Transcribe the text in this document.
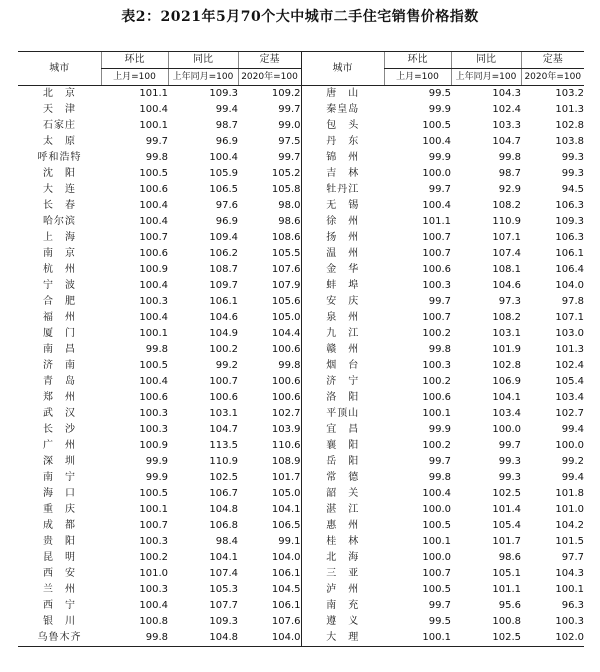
表2：2021年5月70个大中城市二手住宅销售价格指数
城市	环比	同比	定基	城市	环比	同比	定基
	上月=100	上年同月=100	2020年=100		上月=100	上年同月=100	2020年=100
北　京	101.1	109.3	109.2	唐　山	99.5	104.3	103.2
天　津	100.4	99.4	99.7	秦皇岛	99.9	102.4	101.3
石家庄	100.1	98.7	99.0	包　头	100.5	103.3	102.8
太　原	99.7	96.9	97.5	丹　东	100.4	104.7	103.8
呼和浩特	99.8	100.4	99.7	锦　州	99.9	99.8	99.3
沈　阳	100.5	105.9	105.2	吉　林	100.0	98.7	99.3
大　连	100.6	106.5	105.8	牡丹江	99.7	92.9	94.5
长　春	100.4	97.6	98.0	无　锡	100.4	108.2	106.3
哈尔滨	100.4	96.9	98.6	徐　州	101.1	110.9	109.3
上　海	100.7	109.4	108.6	扬　州	100.7	107.1	106.3
南　京	100.6	106.2	105.5	温　州	100.7	107.4	106.1
杭　州	100.9	108.7	107.6	金　华	100.6	108.1	106.4
宁　波	100.4	109.7	107.9	蚌　埠	100.3	104.6	104.0
合　肥	100.3	106.1	105.6	安　庆	99.7	97.3	97.8
福　州	100.4	104.6	105.0	泉　州	100.7	108.2	107.1
厦　门	100.1	104.9	104.4	九　江	100.2	103.1	103.0
南　昌	99.8	100.2	100.6	赣　州	99.8	101.9	101.3
济　南	100.5	99.2	99.8	烟　台	100.3	102.8	102.4
青　岛	100.4	100.7	100.6	济　宁	100.2	106.9	105.4
郑　州	100.6	100.6	100.6	洛　阳	100.6	104.1	103.4
武　汉	100.3	103.1	102.7	平顶山	100.1	103.4	102.7
长　沙	100.3	104.7	103.9	宜　昌	99.9	100.0	99.4
广　州	100.9	113.5	110.6	襄　阳	100.2	99.7	100.0
深　圳	99.9	110.9	108.9	岳　阳	99.7	99.3	99.2
南　宁	99.9	102.5	101.7	常　德	99.8	99.3	99.4
海　口	100.5	106.7	105.0	韶　关	100.4	102.5	101.8
重　庆	100.1	104.8	104.1	湛　江	100.0	101.4	101.0
成　都	100.7	106.8	106.5	惠　州	100.5	105.4	104.2
贵　阳	100.3	98.4	99.1	桂　林	100.1	101.7	101.5
昆　明	100.2	104.1	104.0	北　海	100.0	98.6	97.7
西　安	101.0	107.4	106.1	三　亚	100.7	105.1	104.3
兰　州	100.3	105.3	104.5	泸　州	100.5	101.1	100.1
西　宁	100.4	107.7	106.1	南　充	99.7	95.6	96.3
银　川	100.8	109.3	107.6	遵　义	99.5	100.8	100.3
乌鲁木齐	99.8	104.8	104.0	大　理	100.1	102.5	102.0
